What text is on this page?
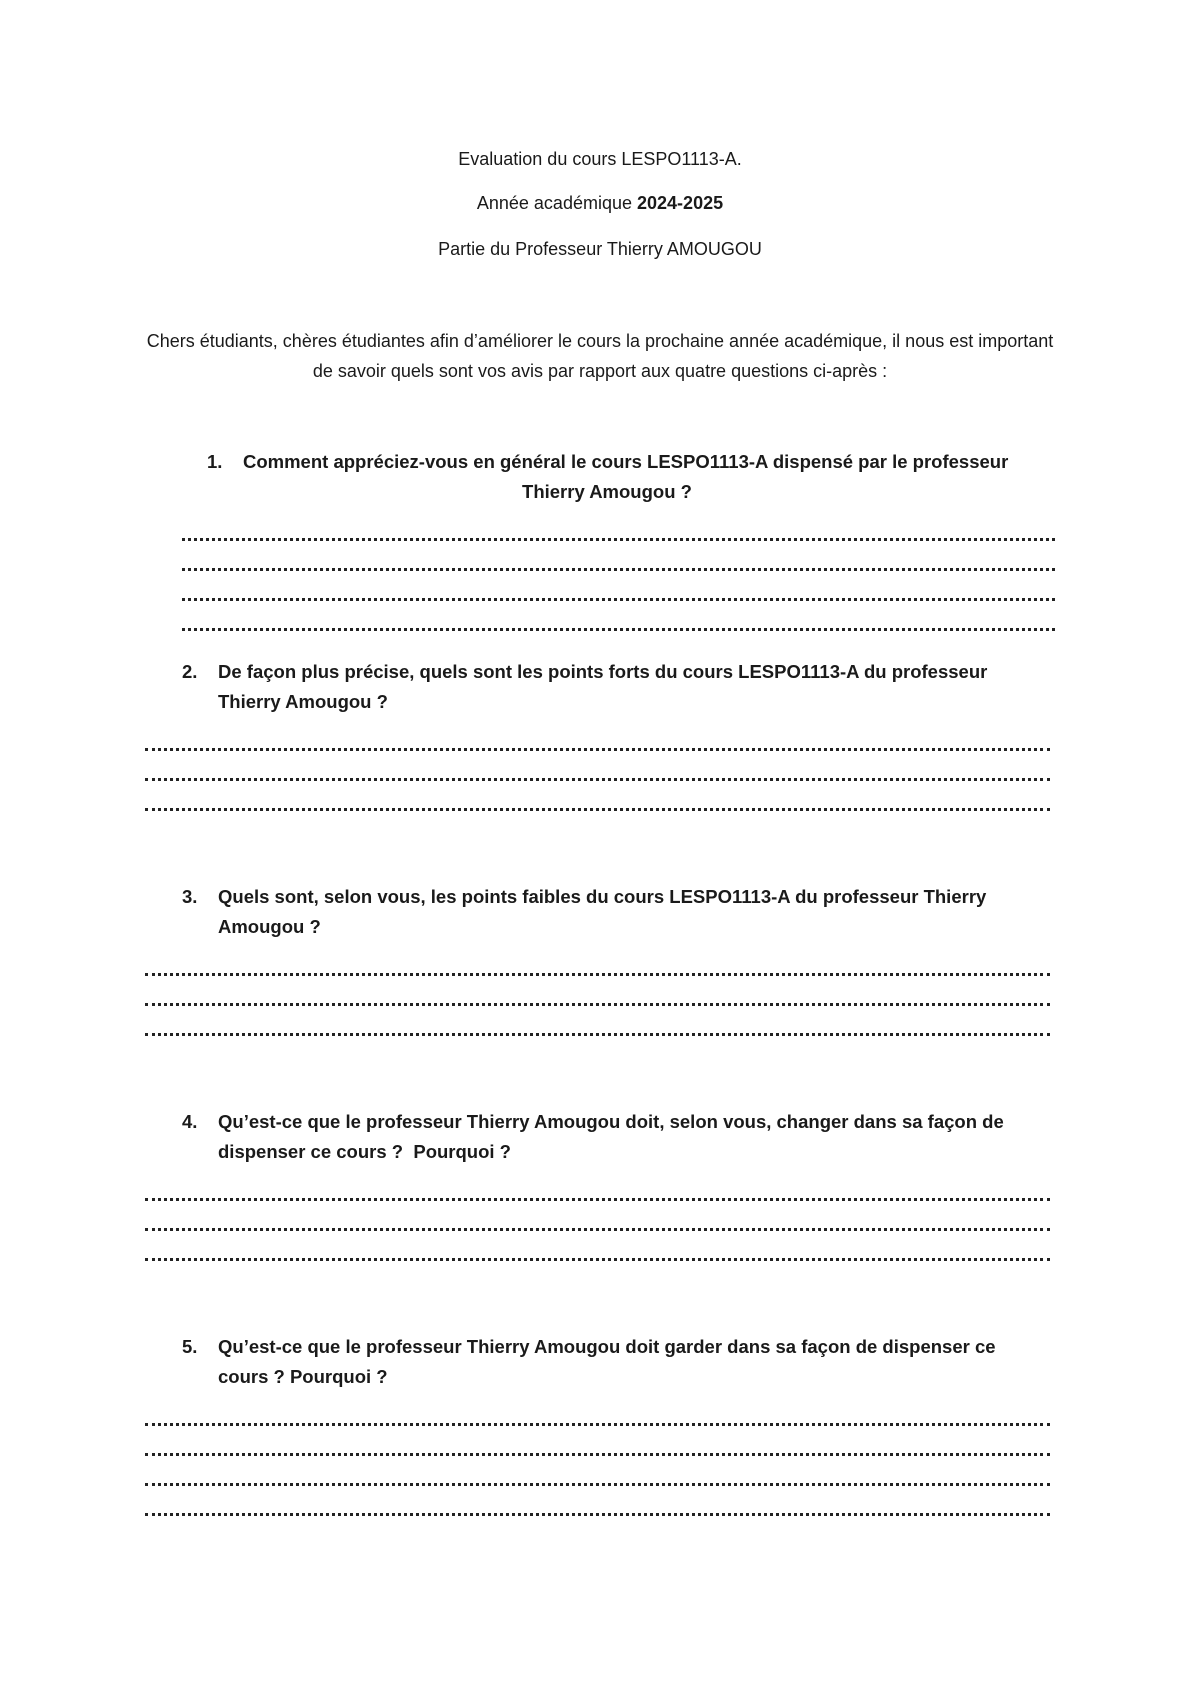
Evaluation du cours LESPO1113-A.
Année académique 2024-2025
Partie du Professeur Thierry AMOUGOU
Chers étudiants, chères étudiantes afin d’améliorer le cours la prochaine année académique, il nous est important de savoir quels sont vos avis par rapport aux quatre questions ci-après :
1. Comment appréciez-vous en général le cours LESPO1113-A dispensé par le professeur
Thierry Amougou ?
2. De façon plus précise, quels sont les points forts du cours LESPO1113-A du professeur
Thierry Amougou ?
3. Quels sont, selon vous, les points faibles du cours LESPO1113-A du professeur Thierry
Amougou ?
4. Qu’est-ce que le professeur Thierry Amougou doit, selon vous, changer dans sa façon de
dispenser ce cours ?  Pourquoi ?
5. Qu’est-ce que le professeur Thierry Amougou doit garder dans sa façon de dispenser ce
cours ? Pourquoi ?
